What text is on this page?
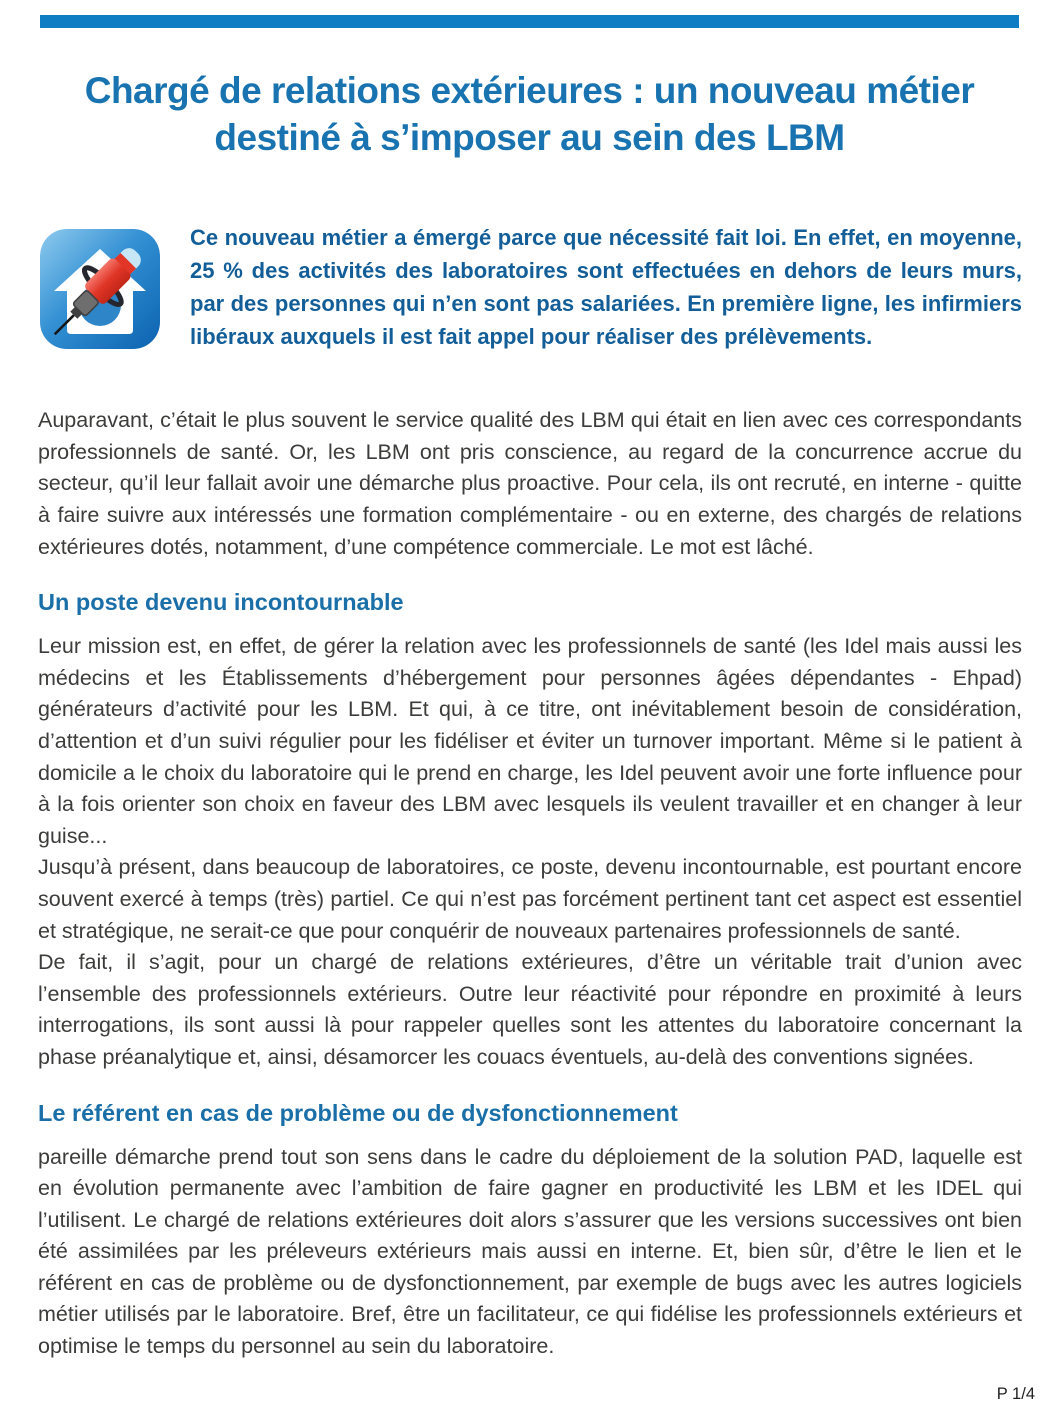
Chargé de relations extérieures : un nouveau métier destiné à s’imposer au sein des LBM

Ce nouveau métier a émergé parce que nécessité fait loi. En effet, en moyenne, 25 % des activités des laboratoires sont effectuées en dehors de leurs murs, par des personnes qui n’en sont pas salariées. En première ligne, les infirmiers libéraux auxquels il est fait appel pour réaliser des prélèvements.

Auparavant, c’était le plus souvent le service qualité des LBM qui était en lien avec ces correspondants professionnels de santé. Or, les LBM ont pris conscience, au regard de la concurrence accrue du secteur, qu’il leur fallait avoir une démarche plus proactive. Pour cela, ils ont recruté, en interne - quitte à faire suivre aux intéressés une formation complémentaire - ou en externe, des chargés de relations extérieures dotés, notamment, d’une compétence commerciale. Le mot est lâché.

Un poste devenu incontournable

Leur mission est, en effet, de gérer la relation avec les professionnels de santé (les Idel mais aussi les médecins et les Établissements d’hébergement pour personnes âgées dépendantes - Ehpad) générateurs d’activité pour les LBM. Et qui, à ce titre, ont inévitablement besoin de considération, d’attention et d’un suivi régulier pour les fidéliser et éviter un turnover important. Même si le patient à domicile a le choix du laboratoire qui le prend en charge, les Idel peuvent avoir une forte influence pour à la fois orienter son choix en faveur des LBM avec lesquels ils veulent travailler et en changer à leur guise...

Jusqu’à présent, dans beaucoup de laboratoires, ce poste, devenu incontournable, est pourtant encore souvent exercé à temps (très) partiel. Ce qui n’est pas forcément pertinent tant cet aspect est essentiel et stratégique, ne serait-ce que pour conquérir de nouveaux partenaires professionnels de santé.

De fait, il s’agit, pour un chargé de relations extérieures, d’être un véritable trait d’union avec l’ensemble des professionnels extérieurs. Outre leur réactivité pour répondre en proximité à leurs interrogations, ils sont aussi là pour rappeler quelles sont les attentes du laboratoire concernant la phase préanalytique et, ainsi, désamorcer les couacs éventuels, au-delà des conventions signées.

Le référent en cas de problème ou de dysfonctionnement

pareille démarche prend tout son sens dans le cadre du déploiement de la solution PAD, laquelle est en évolution permanente avec l’ambition de faire gagner en productivité les LBM et les IDEL qui l’utilisent. Le chargé de relations extérieures doit alors s’assurer que les versions successives ont bien été assimilées par les préleveurs extérieurs mais aussi en interne. Et, bien sûr, d’être le lien et le référent en cas de problème ou de dysfonctionnement, par exemple de bugs avec les autres logiciels métier utilisés par le laboratoire. Bref, être un facilitateur, ce qui fidélise les professionnels extérieurs et optimise le temps du personnel au sein du laboratoire.

P 1/4
